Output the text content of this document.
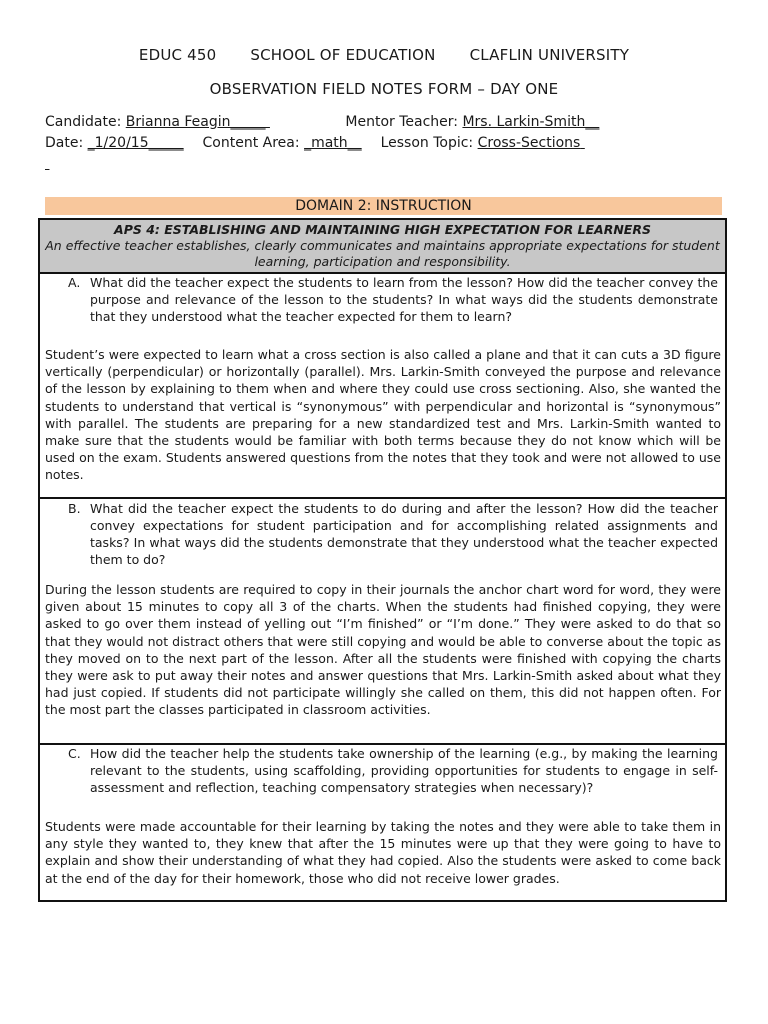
EDUC 450 SCHOOL OF EDUCATION CLAFLIN UNIVERSITY
OBSERVATION FIELD NOTES FORM – DAY ONE
Candidate: Brianna Feagin_____	Mentor Teacher: Mrs. Larkin-Smith__
Date: _1/20/15_____ Content Area: _math__ Lesson Topic: Cross-Sections

DOMAIN 2: INSTRUCTION
APS 4: ESTABLISHING AND MAINTAINING HIGH EXPECTATION FOR LEARNERS
An effective teacher establishes, clearly communicates and maintains appropriate expectations for student learning, participation and responsibility.
A. What did the teacher expect the students to learn from the lesson? How did the teacher convey the purpose and relevance of the lesson to the students? In what ways did the students demonstrate that they understood what the teacher expected for them to learn?
Student’s were expected to learn what a cross section is also called a plane and that it can cuts a 3D figure vertically (perpendicular) or horizontally (parallel). Mrs. Larkin-Smith conveyed the purpose and relevance of the lesson by explaining to them when and where they could use cross sectioning. Also, she wanted the students to understand that vertical is “synonymous” with perpendicular and horizontal is “synonymous” with parallel. The students are preparing for a new standardized test and Mrs. Larkin-Smith wanted to make sure that the students would be familiar with both terms because they do not know which will be used on the exam. Students answered questions from the notes that they took and were not allowed to use notes.
B. What did the teacher expect the students to do during and after the lesson? How did the teacher convey expectations for student participation and for accomplishing related assignments and tasks? In what ways did the students demonstrate that they understood what the teacher expected them to do?
During the lesson students are required to copy in their journals the anchor chart word for word, they were given about 15 minutes to copy all 3 of the charts. When the students had finished copying, they were asked to go over them instead of yelling out “I’m finished” or “I’m done.” They were asked to do that so that they would not distract others that were still copying and would be able to converse about the topic as they moved on to the next part of the lesson. After all the students were finished with copying the charts they were ask to put away their notes and answer questions that Mrs. Larkin-Smith asked about what they had just copied. If students did not participate willingly she called on them, this did not happen often. For the most part the classes participated in classroom activities.
C. How did the teacher help the students take ownership of the learning (e.g., by making the learning relevant to the students, using scaffolding, providing opportunities for students to engage in self-assessment and reflection, teaching compensatory strategies when necessary)?
Students were made accountable for their learning by taking the notes and they were able to take them in any style they wanted to, they knew that after the 15 minutes were up that they were going to have to explain and show their understanding of what they had copied. Also the students were asked to come back at the end of the day for their homework, those who did not receive lower grades.
